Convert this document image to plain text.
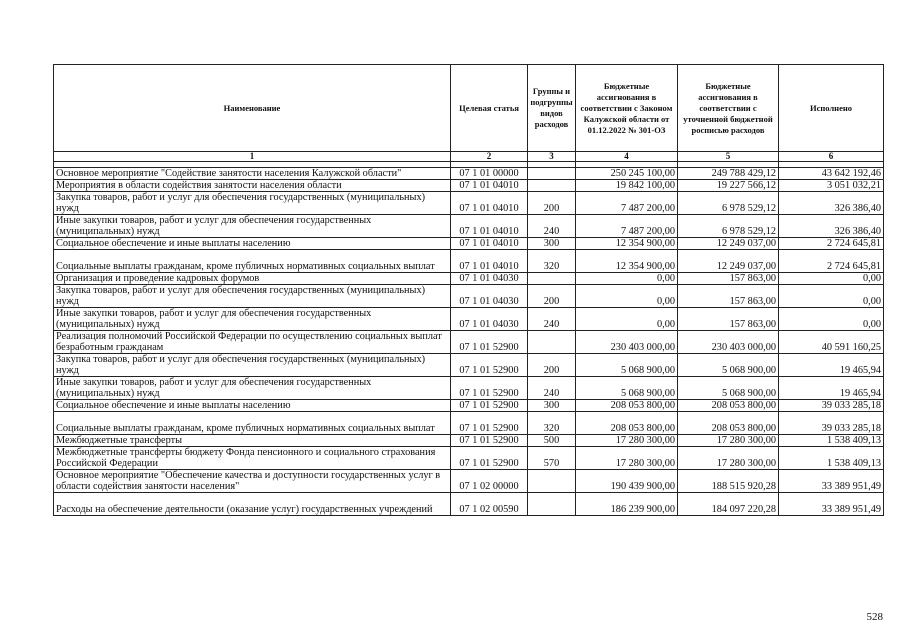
Наименование	Целевая статья	Группы и подгруппы видов расходов	Бюджетные ассигнования в соответствии с Законом Калужской области от 01.12.2022 № 301-ОЗ	Бюджетные ассигнования в соответствии с уточненной бюджетной росписью расходов	Исполнено
1	2	3	4	5	6

Основное мероприятие "Содействие занятости населения Калужской области"	07 1 01 00000		250 245 100,00	249 788 429,12	43 642 192,46
Мероприятия в области содействия занятости населения области	07 1 01 04010		19 842 100,00	19 227 566,12	3 051 032,21
Закупка товаров, работ и услуг для обеспечения государственных (муниципальных) нужд	07 1 01 04010	200	7 487 200,00	6 978 529,12	326 386,40
Иные закупки товаров, работ и услуг для обеспечения государственных (муниципальных) нужд	07 1 01 04010	240	7 487 200,00	6 978 529,12	326 386,40
Социальное обеспечение и иные выплаты населению	07 1 01 04010	300	12 354 900,00	12 249 037,00	2 724 645,81
Социальные выплаты гражданам, кроме публичных нормативных социальных выплат	07 1 01 04010	320	12 354 900,00	12 249 037,00	2 724 645,81
Организация и проведение кадровых форумов	07 1 01 04030		0,00	157 863,00	0,00
Закупка товаров, работ и услуг для обеспечения государственных (муниципальных) нужд	07 1 01 04030	200	0,00	157 863,00	0,00
Иные закупки товаров, работ и услуг для обеспечения государственных (муниципальных) нужд	07 1 01 04030	240	0,00	157 863,00	0,00
Реализация полномочий Российской Федерации по осуществлению социальных выплат безработным гражданам	07 1 01 52900		230 403 000,00	230 403 000,00	40 591 160,25
Закупка товаров, работ и услуг для обеспечения государственных (муниципальных) нужд	07 1 01 52900	200	5 068 900,00	5 068 900,00	19 465,94
Иные закупки товаров, работ и услуг для обеспечения государственных (муниципальных) нужд	07 1 01 52900	240	5 068 900,00	5 068 900,00	19 465,94
Социальное обеспечение и иные выплаты населению	07 1 01 52900	300	208 053 800,00	208 053 800,00	39 033 285,18
Социальные выплаты гражданам, кроме публичных нормативных социальных выплат	07 1 01 52900	320	208 053 800,00	208 053 800,00	39 033 285,18
Межбюджетные трансферты	07 1 01 52900	500	17 280 300,00	17 280 300,00	1 538 409,13
Межбюджетные трансферты бюджету Фонда пенсионного и социального страхования Российской Федерации	07 1 01 52900	570	17 280 300,00	17 280 300,00	1 538 409,13
Основное мероприятие "Обеспечение качества и доступности государственных услуг в области содействия занятости населения"	07 1 02 00000		190 439 900,00	188 515 920,28	33 389 951,49
Расходы на обеспечение деятельности (оказание услуг) государственных учреждений	07 1 02 00590		186 239 900,00	184 097 220,28	33 389 951,49
528
